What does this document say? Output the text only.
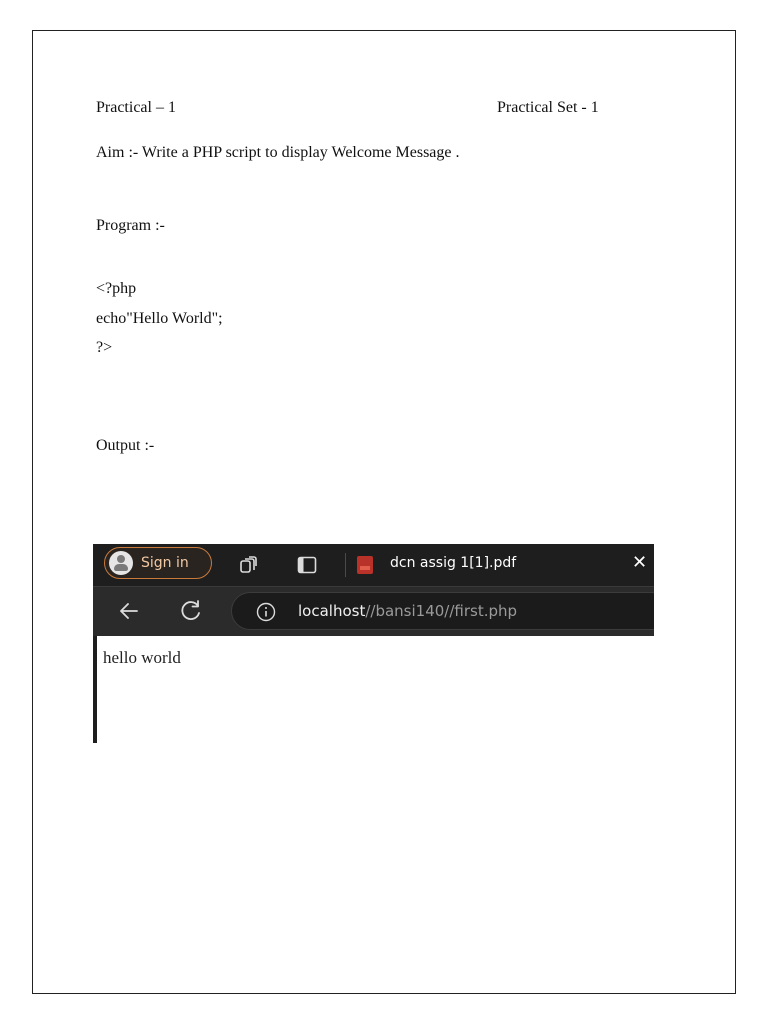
Practical – 1	Practical Set - 1
Aim :- Write a PHP script to display Welcome Message .
Program :-
<?php
echo"Hello World";
?>
Output :-
Sign in	dcn assig 1[1].pdf	✕
localhost//bansi140//first.php
hello world
